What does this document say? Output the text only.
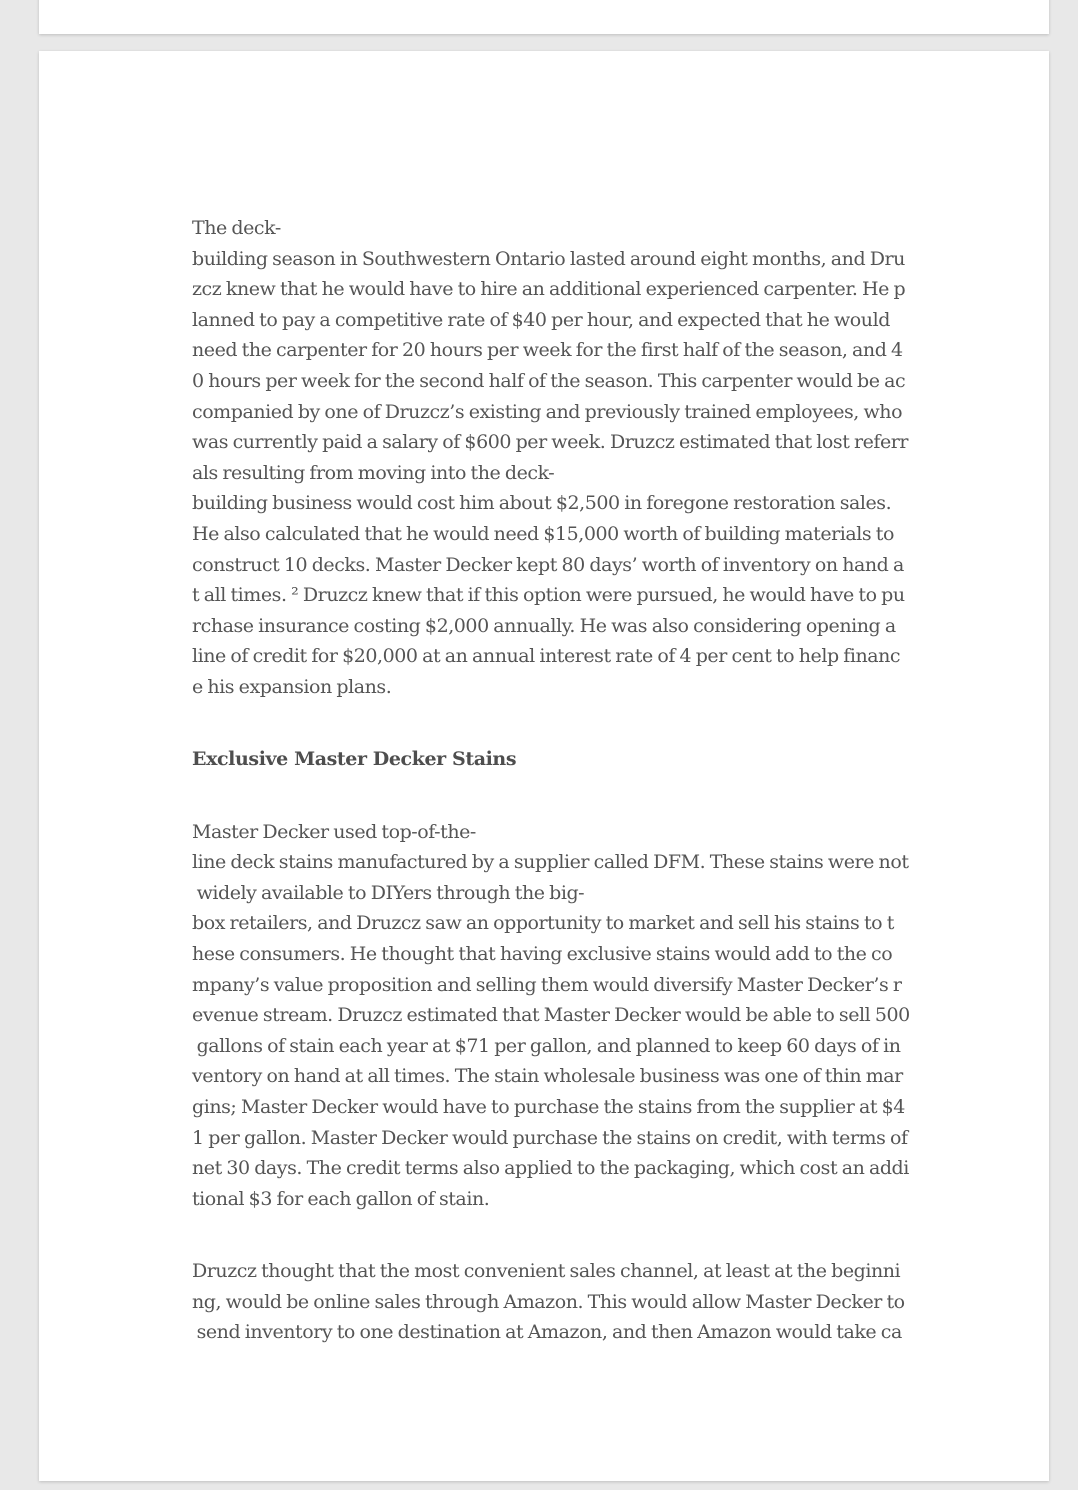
The deck-
building season in Southwestern Ontario lasted around eight months, and Dru
zcz knew that he would have to hire an additional experienced carpenter. He p
lanned to pay a competitive rate of $40 per hour, and expected that he would
need the carpenter for 20 hours per week for the first half of the season, and 4
0 hours per week for the second half of the season. This carpenter would be ac
companied by one of Druzcz’s existing and previously trained employees, who
was currently paid a salary of $600 per week. Druzcz estimated that lost referr
als resulting from moving into the deck-
building business would cost him about $2,500 in foregone restoration sales.
He also calculated that he would need $15,000 worth of building materials to
construct 10 decks. Master Decker kept 80 days’ worth of inventory on hand a
t all times. ² Druzcz knew that if this option were pursued, he would have to pu
rchase insurance costing $2,000 annually. He was also considering opening a
line of credit for $20,000 at an annual interest rate of 4 per cent to help financ
e his expansion plans.
Exclusive Master Decker Stains
Master Decker used top-of-the-
line deck stains manufactured by a supplier called DFM. These stains were not
widely available to DIYers through the big-
box retailers, and Druzcz saw an opportunity to market and sell his stains to t
hese consumers. He thought that having exclusive stains would add to the co
mpany’s value proposition and selling them would diversify Master Decker’s r
evenue stream. Druzcz estimated that Master Decker would be able to sell 500
gallons of stain each year at $71 per gallon, and planned to keep 60 days of in
ventory on hand at all times. The stain wholesale business was one of thin mar
gins; Master Decker would have to purchase the stains from the supplier at $4
1 per gallon. Master Decker would purchase the stains on credit, with terms of
net 30 days. The credit terms also applied to the packaging, which cost an addi
tional $3 for each gallon of stain.
Druzcz thought that the most convenient sales channel, at least at the beginni
ng, would be online sales through Amazon. This would allow Master Decker to
send inventory to one destination at Amazon, and then Amazon would take ca
